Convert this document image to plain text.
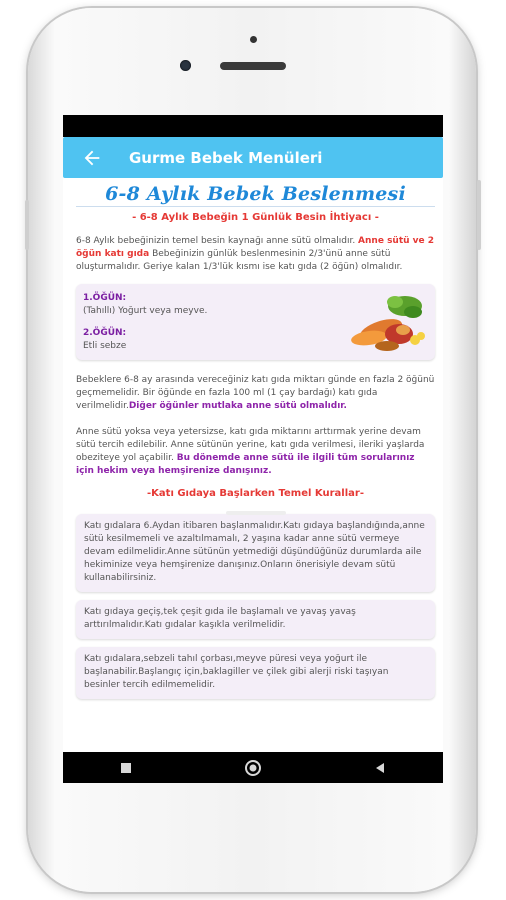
Gurme Bebek Menüleri
6-8 Aylık Bebek Beslenmesi
- 6-8 Aylık Bebeğin 1 Günlük Besin İhtiyacı -

6-8 Aylık bebeğinizin temel besin kaynağı anne sütü olmalıdır. Anne sütü ve 2 öğün katı gıda Bebeğinizin günlük beslenmesinin 2/3'ünü anne sütü oluşturmalıdır. Geriye kalan 1/3'lük kısmı ise katı gıda (2 öğün) olmalıdır.

1.ÖĞÜN:
(Tahıllı) Yoğurt veya meyve.
2.ÖĞÜN:
Etli sebze

Bebeklere 6-8 ay arasında vereceğiniz katı gıda miktarı günde en fazla 2 öğünü geçmemelidir. Bir öğünde en fazla 100 ml (1 çay bardağı) katı gıda verilmelidir.Diğer öğünler mutlaka anne sütü olmalıdır.

Anne sütü yoksa veya yetersizse, katı gıda miktarını arttırmak yerine devam sütü tercih edilebilir. Anne sütünün yerine, katı gıda verilmesi, ileriki yaşlarda obeziteye yol açabilir. Bu dönemde anne sütü ile ilgili tüm sorularınız için hekim veya hemşirenize danışınız.

-Katı Gıdaya Başlarken Temel Kurallar-
Katı gıdalara 6.Aydan itibaren başlanmalıdır.Katı gıdaya başlandığında,anne sütü kesilmemeli ve azaltılmamalı, 2 yaşına kadar anne sütü vermeye devam edilmelidir.Anne sütünün yetmediği düşündüğünüz durumlarda aile hekiminize veya hemşirenize danışınız.Onların önerisiyle devam sütü kullanabilirsiniz.
Katı gıdaya geçiş,tek çeşit gıda ile başlamalı ve yavaş yavaş arttırılmalıdır.Katı gıdalar kaşıkla verilmelidir.
Katı gıdalara,sebzeli tahıl çorbası,meyve püresi veya yoğurt ile başlanabilir.Başlangıç için,baklagiller ve çilek gibi alerji riski taşıyan besinler tercih edilmemelidir.
